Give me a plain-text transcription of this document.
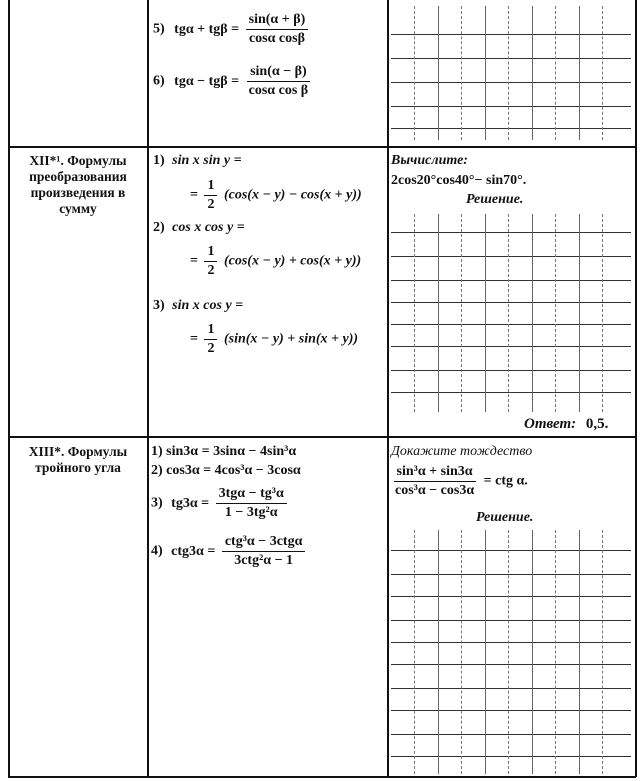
5) $tg\alpha + tg\beta = \frac{\sin(\alpha + \beta)}{\text{cosα cosβ}}$
6) $tg\alpha - tg\beta = \frac{\sin(\alpha - \beta)}{\text{cosα cos β}}$
XII*¹. Формулы преобразования произведения в сумму
1) sin x sin y =
= $\frac{1}{2} (\cos(x - y) - \cos(x + y))$
2) cos x cos y =
= $\frac{1}{2} (\cos(x - y) + \cos(x + y))$
3) sin x cos y =
= $\frac{1}{2} (\sin(x - y) + \sin(x + y))$
Вычислите:
2cos20°cos40°− sin70°.
Решение.
Ответ: 0,5.
XIII*. Формулы тройного угла
1) sin3α = 3sinα − 4sin³α
2) cos3α = 4cos³α − 3cosα
3) $tg3\alpha = \frac{\text{3tgα − tg³α}}{\text{1 − 3tg²α}}$
4) $ctg3\alpha = \frac{\text{ctg³α − 3ctgα}}{\text{3ctg²α − 1}}$
Докажите тождество
$\frac{\text{sin³α + sin3α}}{\text{cos³α − cos3α}}$ = ctg α.
Решение.
